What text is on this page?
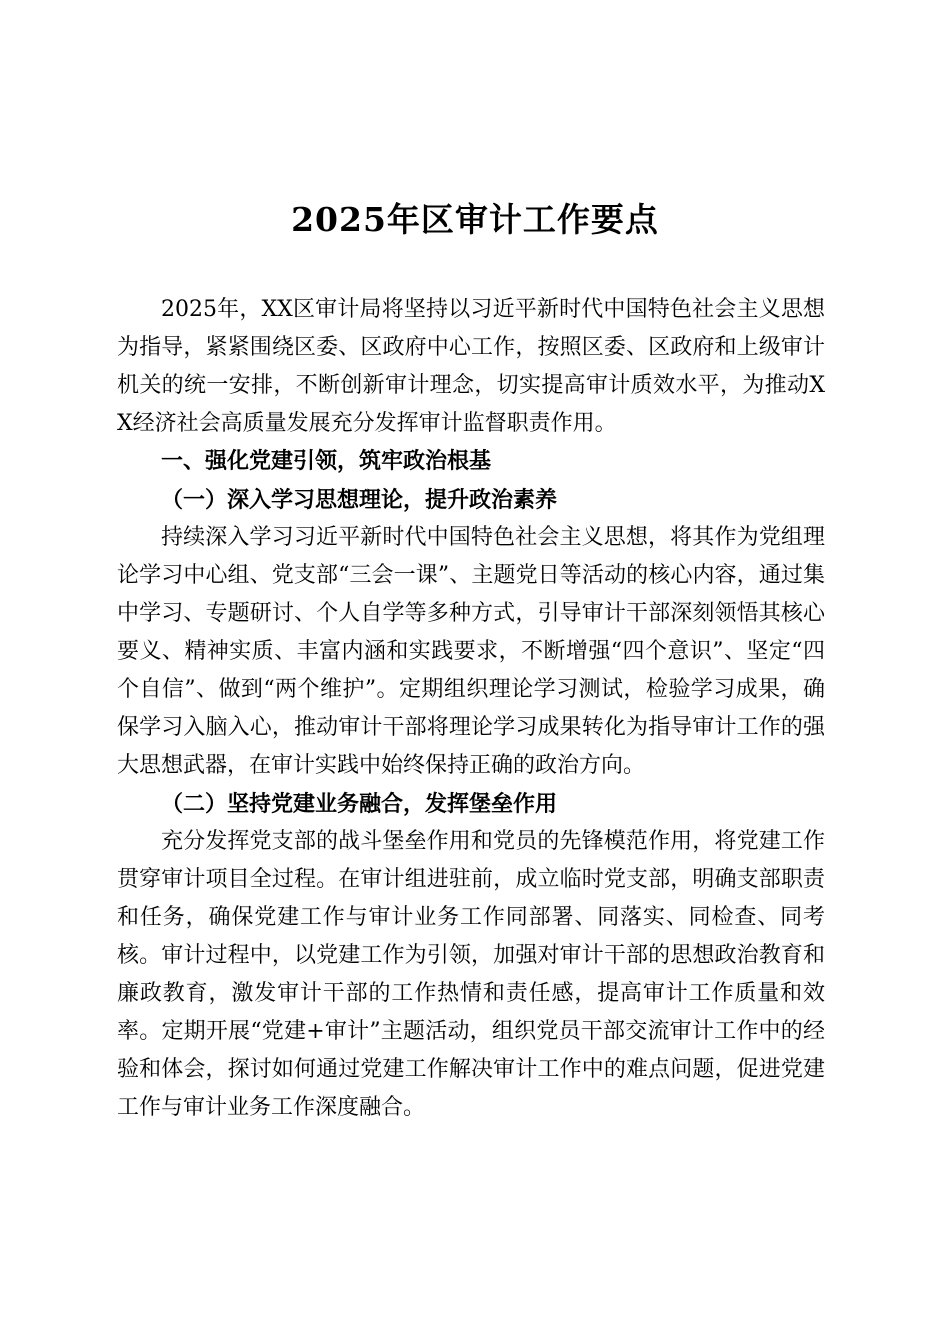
2025年区审计工作要点

2025年，XX区审计局将坚持以习近平新时代中国特色社会主义思想为指导，紧紧围绕区委、区政府中心工作，按照区委、区政府和上级审计机关的统一安排，不断创新审计理念，切实提高审计质效水平，为推动XX经济社会高质量发展充分发挥审计监督职责作用。

一、强化党建引领，筑牢政治根基

（一）深入学习思想理论，提升政治素养

持续深入学习习近平新时代中国特色社会主义思想，将其作为党组理论学习中心组、党支部“三会一课”、主题党日等活动的核心内容，通过集中学习、专题研讨、个人自学等多种方式，引导审计干部深刻领悟其核心要义、精神实质、丰富内涵和实践要求，不断增强“四个意识”、坚定“四个自信”、做到“两个维护”。定期组织理论学习测试，检验学习成果，确保学习入脑入心，推动审计干部将理论学习成果转化为指导审计工作的强大思想武器，在审计实践中始终保持正确的政治方向。

（二）坚持党建业务融合，发挥堡垒作用

充分发挥党支部的战斗堡垒作用和党员的先锋模范作用，将党建工作贯穿审计项目全过程。在审计组进驻前，成立临时党支部，明确支部职责和任务，确保党建工作与审计业务工作同部署、同落实、同检查、同考核。审计过程中，以党建工作为引领，加强对审计干部的思想政治教育和廉政教育，激发审计干部的工作热情和责任感，提高审计工作质量和效率。定期开展“党建+审计”主题活动，组织党员干部交流审计工作中的经验和体会，探讨如何通过党建工作解决审计工作中的难点问题，促进党建工作与审计业务工作深度融合。
